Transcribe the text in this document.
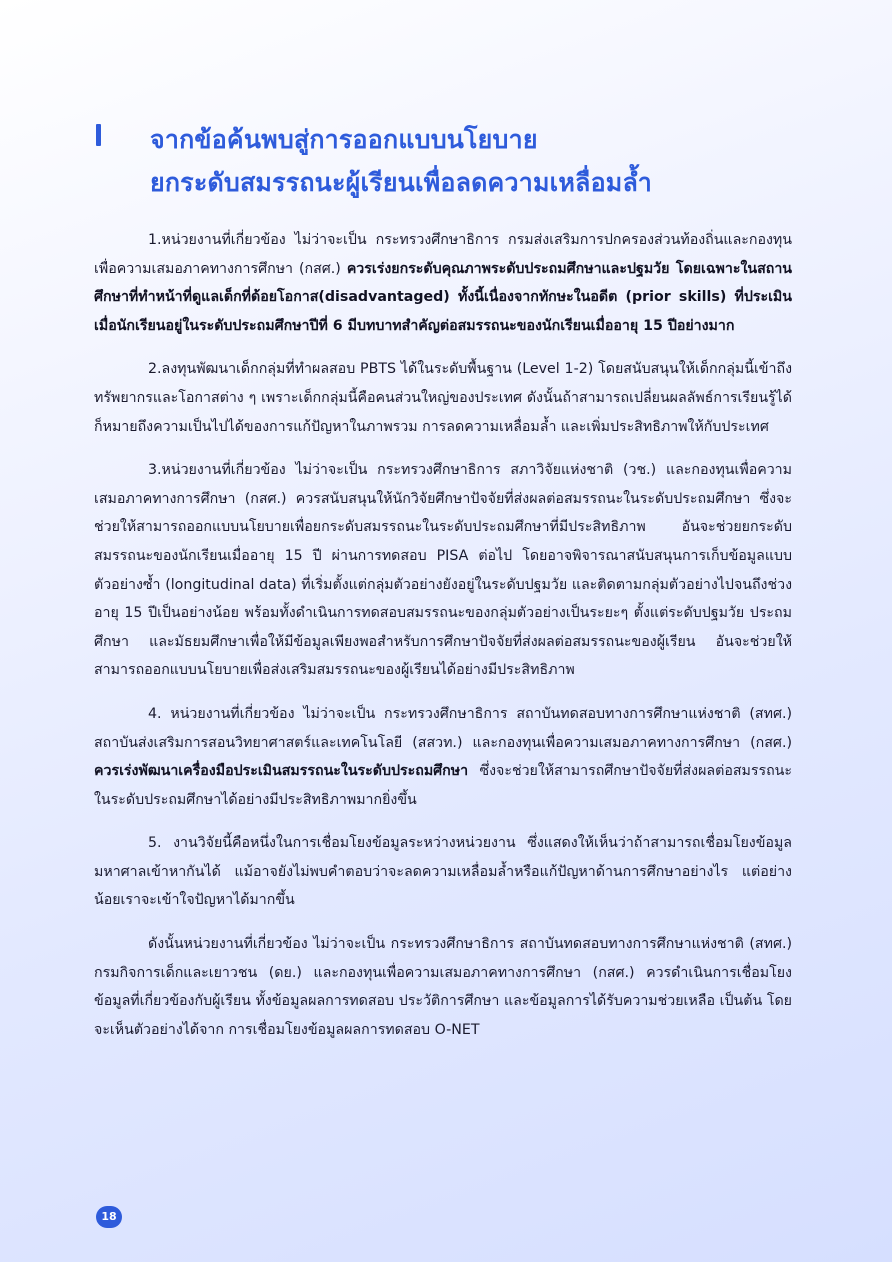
จากข้อค้นพบสู่การออกแบบนโยบาย
ยกระดับสมรรถนะผู้เรียนเพื่อลดความเหลื่อมล้ำ

1.หน่วยงานที่เกี่ยวข้อง ไม่ว่าจะเป็น กระทรวงศึกษาธิการ กรมส่งเสริมการปกครองส่วนท้องถิ่นและกองทุนเพื่อความเสมอภาคทางการศึกษา (กสศ.) ควรเร่งยกระดับคุณภาพระดับประถมศึกษาและปฐมวัย โดยเฉพาะในสถานศึกษาที่ทำหน้าที่ดูแลเด็กที่ด้อยโอกาส(disadvantaged) ทั้งนี้เนื่องจากทักษะในอดีต (prior skills) ที่ประเมินเมื่อนักเรียนอยู่ในระดับประถมศึกษาปีที่ 6 มีบทบาทสำคัญต่อสมรรถนะของนักเรียนเมื่ออายุ 15 ปีอย่างมาก

2.ลงทุนพัฒนาเด็กกลุ่มที่ทำผลสอบ PBTS ได้ในระดับพื้นฐาน (Level 1-2) โดยสนับสนุนให้เด็กกลุ่มนี้เข้าถึงทรัพยากรและโอกาสต่าง ๆ เพราะเด็กกลุ่มนี้คือคนส่วนใหญ่ของประเทศ ดังนั้นถ้าสามารถเปลี่ยนผลลัพธ์การเรียนรู้ได้ ก็หมายถึงความเป็นไปได้ของการแก้ปัญหาในภาพรวม การลดความเหลื่อมล้ำ และเพิ่มประสิทธิภาพให้กับประเทศ

3.หน่วยงานที่เกี่ยวข้อง ไม่ว่าจะเป็น กระทรวงศึกษาธิการ สภาวิจัยแห่งชาติ (วช.) และกองทุนเพื่อความเสมอภาคทางการศึกษา (กสศ.) ควรสนับสนุนให้นักวิจัยศึกษาปัจจัยที่ส่งผลต่อสมรรถนะในระดับประถมศึกษา ซึ่งจะช่วยให้สามารถออกแบบนโยบายเพื่อยกระดับสมรรถนะในระดับประถมศึกษาที่มีประสิทธิภาพ อันจะช่วยยกระดับสมรรถนะของนักเรียนเมื่ออายุ 15 ปี ผ่านการทดสอบ PISA ต่อไป โดยอาจพิจารณาสนับสนุนการเก็บข้อมูลแบบตัวอย่างซ้ำ (longitudinal data) ที่เริ่มตั้งแต่กลุ่มตัวอย่างยังอยู่ในระดับปฐมวัย และติดตามกลุ่มตัวอย่างไปจนถึงช่วงอายุ 15 ปีเป็นอย่างน้อย พร้อมทั้งดำเนินการทดสอบสมรรถนะของกลุ่มตัวอย่างเป็นระยะๆ ตั้งแต่ระดับปฐมวัย ประถมศึกษา และมัธยมศึกษาเพื่อให้มีข้อมูลเพียงพอสำหรับการศึกษาปัจจัยที่ส่งผลต่อสมรรถนะของผู้เรียน อันจะช่วยให้สามารถออกแบบนโยบายเพื่อส่งเสริมสมรรถนะของผู้เรียนได้อย่างมีประสิทธิภาพ

4. หน่วยงานที่เกี่ยวข้อง ไม่ว่าจะเป็น กระทรวงศึกษาธิการ สถาบันทดสอบทางการศึกษาแห่งชาติ (สทศ.) สถาบันส่งเสริมการสอนวิทยาศาสตร์และเทคโนโลยี (สสวท.) และกองทุนเพื่อความเสมอภาคทางการศึกษา (กสศ.) ควรเร่งพัฒนาเครื่องมือประเมินสมรรถนะในระดับประถมศึกษา ซึ่งจะช่วยให้สามารถศึกษาปัจจัยที่ส่งผลต่อสมรรถนะในระดับประถมศึกษาได้อย่างมีประสิทธิภาพมากยิ่งขึ้น

5. งานวิจัยนี้คือหนึ่งในการเชื่อมโยงข้อมูลระหว่างหน่วยงาน ซึ่งแสดงให้เห็นว่าถ้าสามารถเชื่อมโยงข้อมูลมหาศาลเข้าหากันได้ แม้อาจยังไม่พบคำตอบว่าจะลดความเหลื่อมล้ำหรือแก้ปัญหาด้านการศึกษาอย่างไร แต่อย่างน้อยเราจะเข้าใจปัญหาได้มากขึ้น

ดังนั้นหน่วยงานที่เกี่ยวข้อง ไม่ว่าจะเป็น กระทรวงศึกษาธิการ สถาบันทดสอบทางการศึกษาแห่งชาติ (สทศ.) กรมกิจการเด็กและเยาวชน (ดย.) และกองทุนเพื่อความเสมอภาคทางการศึกษา (กสศ.) ควรดำเนินการเชื่อมโยงข้อมูลที่เกี่ยวข้องกับผู้เรียน ทั้งข้อมูลผลการทดสอบ ประวัติการศึกษา และข้อมูลการได้รับความช่วยเหลือ เป็นต้น โดยจะเห็นตัวอย่างได้จาก การเชื่อมโยงข้อมูลผลการทดสอบ O-NET

18
